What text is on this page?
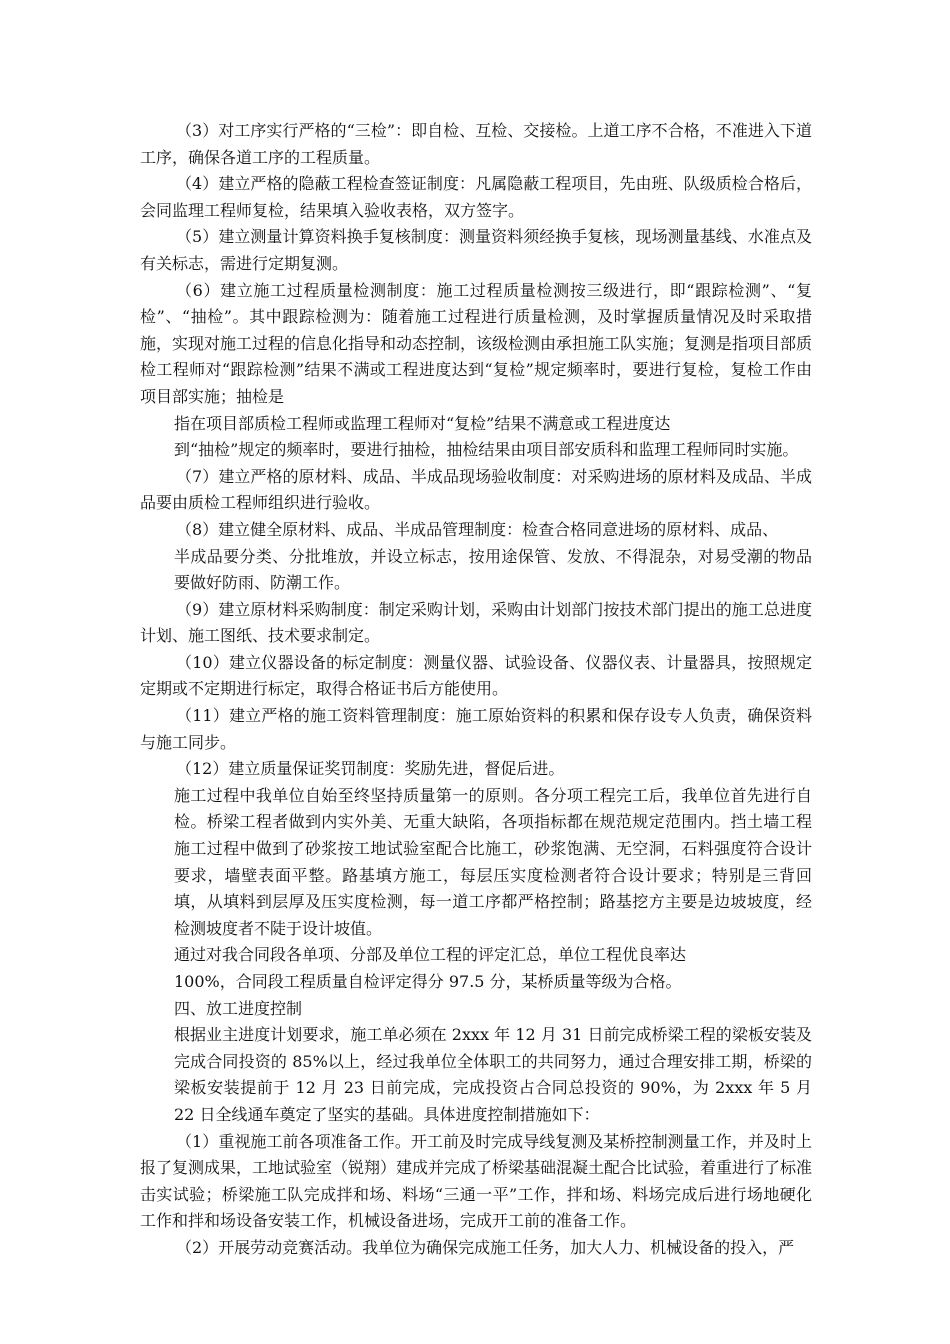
（3）对工序实行严格的“三检”：即自检、互检、交接检。上道工序不合格，不准进入下道工序，确保各道工序的工程质量。

（4）建立严格的隐蔽工程检查签证制度：凡属隐蔽工程项目，先由班、队级质检合格后，会同监理工程师复检，结果填入验收表格，双方签字。

（5）建立测量计算资料换手复核制度：测量资料须经换手复核，现场测量基线、水准点及有关标志，需进行定期复测。

（6）建立施工过程质量检测制度：施工过程质量检测按三级进行，即“跟踪检测”、“复检”、“抽检”。其中跟踪检测为：随着施工过程进行质量检测，及时掌握质量情况及时采取措施，实现对施工过程的信息化指导和动态控制，该级检测由承担施工队实施；复测是指项目部质检工程师对“跟踪检测”结果不满或工程进度达到“复检”规定频率时，要进行复检，复检工作由项目部实施；抽检是

指在项目部质检工程师或监理工程师对“复检”结果不满意或工程进度达

到“抽检”规定的频率时，要进行抽检，抽检结果由项目部安质科和监理工程师同时实施。

（7）建立严格的原材料、成品、半成品现场验收制度：对采购进场的原材料及成品、半成品要由质检工程师组织进行验收。

（8）建立健全原材料、成品、半成品管理制度：检查合格同意进场的原材料、成品、

半成品要分类、分批堆放，并设立标志，按用途保管、发放、不得混杂，对易受潮的物品要做好防雨、防潮工作。

（9）建立原材料采购制度：制定采购计划，采购由计划部门按技术部门提出的施工总进度计划、施工图纸、技术要求制定。

（10）建立仪器设备的标定制度：测量仪器、试验设备、仪器仪表、计量器具，按照规定定期或不定期进行标定，取得合格证书后方能使用。

（11）建立严格的施工资料管理制度：施工原始资料的积累和保存设专人负责，确保资料与施工同步。

（12）建立质量保证奖罚制度：奖励先进，督促后进。

施工过程中我单位自始至终坚持质量第一的原则。各分项工程完工后，我单位首先进行自检。桥梁工程者做到内实外美、无重大缺陷，各项指标都在规范规定范围内。挡土墙工程施工过程中做到了砂浆按工地试验室配合比施工，砂浆饱满、无空洞，石料强度符合设计要求，墙壁表面平整。路基填方施工，每层压实度检测者符合设计要求；特别是三背回填，从填料到层厚及压实度检测，每一道工序都严格控制；路基挖方主要是边坡坡度，经检测坡度者不陡于设计坡值。

通过对我合同段各单项、分部及单位工程的评定汇总，单位工程优良率达

100%，合同段工程质量自检评定得分 97.5 分，某桥质量等级为合格。

四、放工进度控制

根据业主进度计划要求，施工单必须在 2xxx 年 12 月 31 日前完成桥梁工程的梁板安装及完成合同投资的 85%以上，经过我单位全体职工的共同努力，通过合理安排工期，桥梁的梁板安装提前于 12 月 23 日前完成，完成投资占合同总投资的 90%，为 2xxx 年 5 月 22 日全线通车奠定了坚实的基础。具体进度控制措施如下：

（1）重视施工前各项准备工作。开工前及时完成导线复测及某桥控制测量工作，并及时上报了复测成果，工地试验室（锐翔）建成并完成了桥梁基础混凝土配合比试验，着重进行了标准击实试验；桥梁施工队完成拌和场、料场“三通一平”工作，拌和场、料场完成后进行场地硬化工作和拌和场设备安装工作，机械设备进场，完成开工前的准备工作。

（2）开展劳动竞赛活动。我单位为确保完成施工任务，加大人力、机械设备的投入，严
